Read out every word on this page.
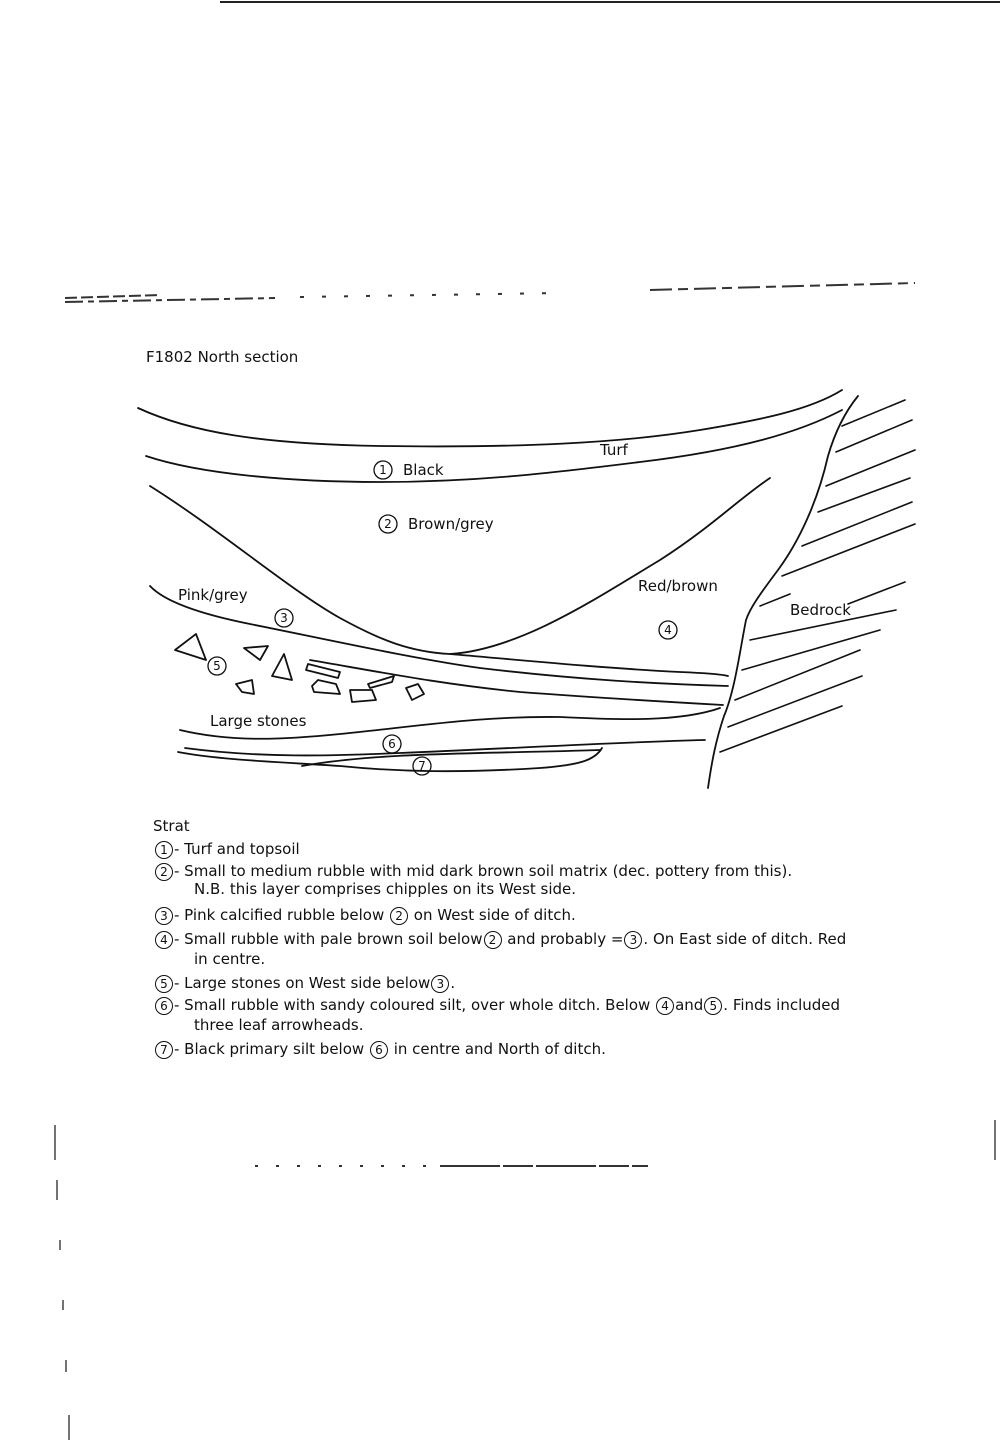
F1802 North section
Turf
1 Black
2 Brown/grey
Pink/grey
3
Red/brown
4
Bedrock
5
Large stones
6
7
Strat
1 - Turf and topsoil
2 - Small to medium rubble with mid dark brown soil matrix (dec. pottery from this).
N.B. this layer comprises chipples on its West side.
3 - Pink calcified rubble below 2 on West side of ditch.
4 - Small rubble with pale brown soil below 2 and probably = 3 . On East side of ditch. Red
in centre.
5 - Large stones on West side below 3 .
6 - Small rubble with sandy coloured silt, over whole ditch. Below 4 and 5 . Finds included
three leaf arrowheads.
7 - Black primary silt below 6 in centre and North of ditch.
